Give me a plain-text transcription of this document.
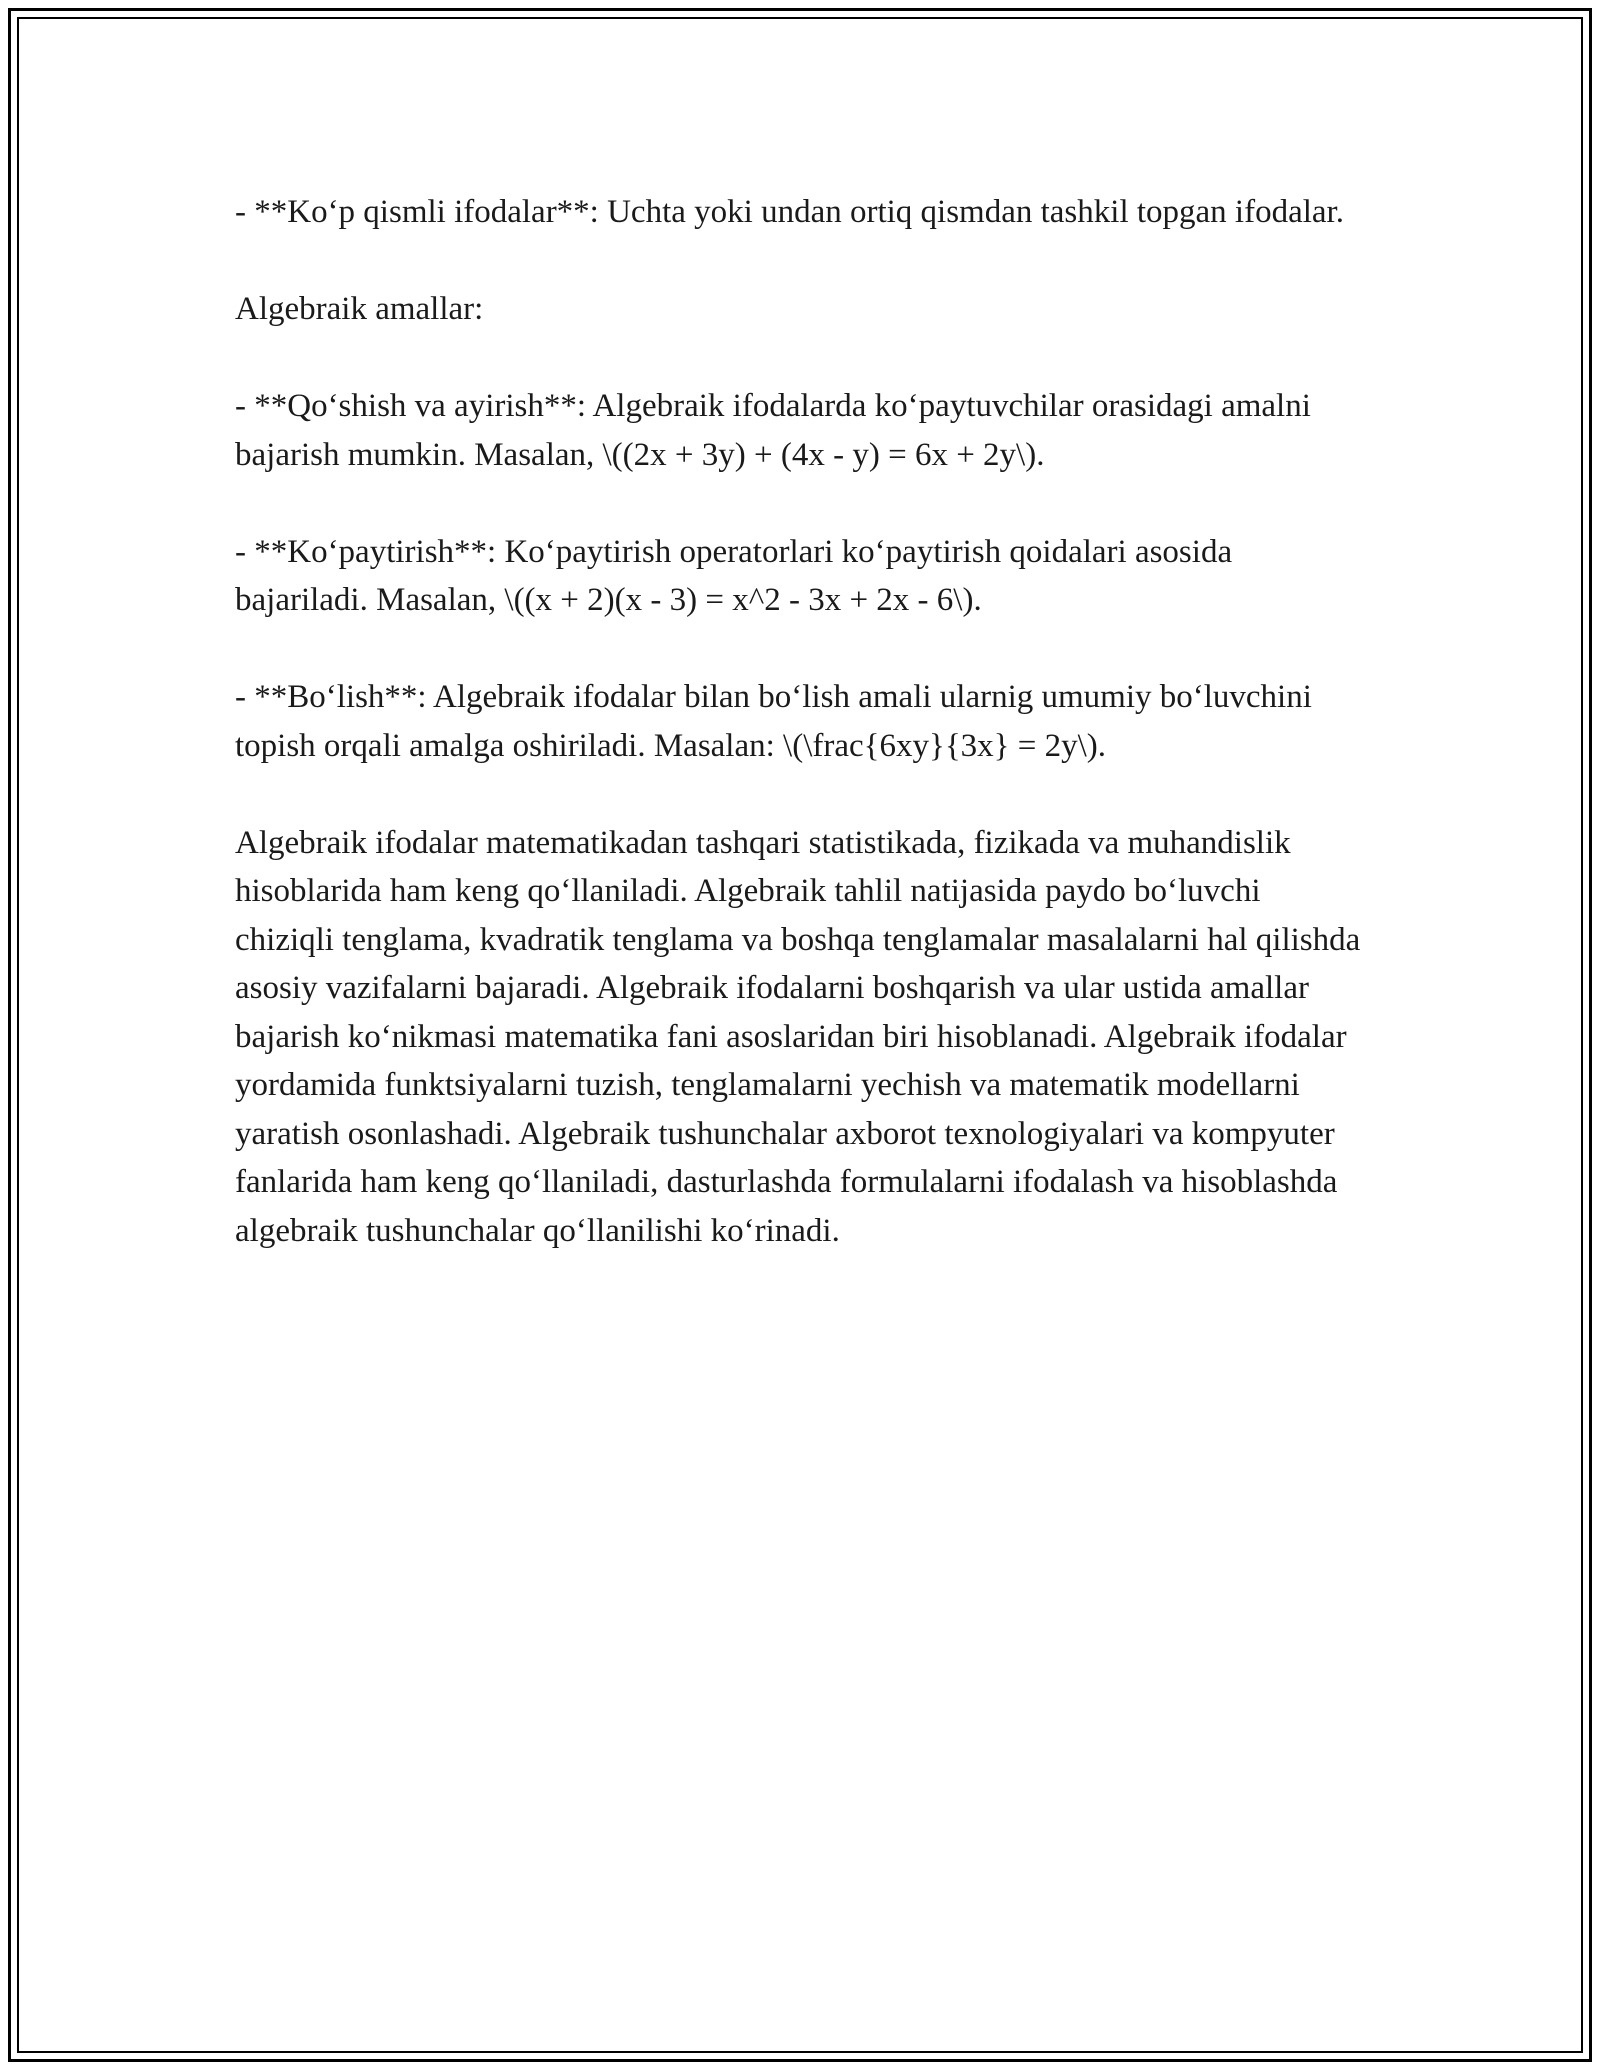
- **Ko‘p qismli ifodalar**: Uchta yoki undan ortiq qismdan tashkil topgan ifodalar.

Algebraik amallar:

- **Qo‘shish va ayirish**: Algebraik ifodalarda ko‘paytuvchilar orasidagi amalni bajarish mumkin. Masalan, \((2x + 3y) + (4x - y) = 6x + 2y\).

- **Ko‘paytirish**: Ko‘paytirish operatorlari ko‘paytirish qoidalari asosida bajariladi. Masalan, \((x + 2)(x - 3) = x^2 - 3x + 2x - 6\).

- **Bo‘lish**: Algebraik ifodalar bilan bo‘lish amali ularnig umumiy bo‘luvchini topish orqali amalga oshiriladi. Masalan: \(\frac{6xy}{3x} = 2y\).

Algebraik ifodalar matematikadan tashqari statistikada, fizikada va muhandislik hisoblarida ham keng qo‘llaniladi. Algebraik tahlil natijasida paydo bo‘luvchi chiziqli tenglama, kvadratik tenglama va boshqa tenglamalar masalalarni hal qilishda asosiy vazifalarni bajaradi. Algebraik ifodalarni boshqarish va ular ustida amallar bajarish ko‘nikmasi matematika fani asoslaridan biri hisoblanadi. Algebraik ifodalar yordamida funktsiyalarni tuzish, tenglamalarni yechish va matematik modellarni yaratish osonlashadi. Algebraik tushunchalar axborot texnologiyalari va kompyuter fanlarida ham keng qo‘llaniladi, dasturlashda formulalarni ifodalash va hisoblashda algebraik tushunchalar qo‘llanilishi ko‘rinadi.
